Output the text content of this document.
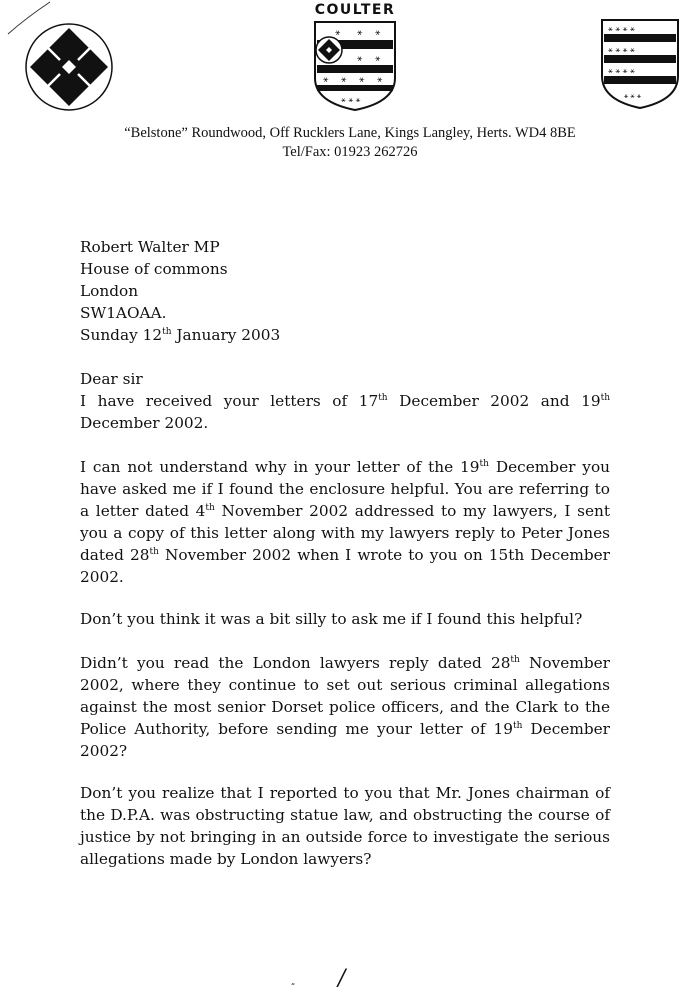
COULTER
⚹ ⚹ ⚹
⚹ ⚹
⚹ ⚹ ⚹ ⚹
⚹ ⚹ ⚹
⚹ ⚹ ⚹ ⚹
⚹ ⚹ ⚹ ⚹
⚹ ⚹ ⚹ ⚹
⚹ ⚹ ⚹
“Belstone” Roundwood, Off Rucklers Lane, Kings Langley, Herts. WD4 8BE
Tel/Fax: 01923 262726
Robert Walter MP
House of commons
London
SW1AOAA.
Sunday 12th January 2003
Dear sir
I have received your letters of 17th December 2002 and 19th December 2002.
I can not understand why in your letter of the 19th December you have asked me if I found the enclosure helpful. You are referring to a letter dated 4th November 2002 addressed to my lawyers, I sent you a copy of this letter along with my lawyers reply to Peter Jones dated 28th November 2002 when I wrote to you on 15th December 2002.
Don’t you think it was a bit silly to ask me if I found this helpful?
Didn’t you read the London lawyers reply dated 28th November 2002, where they continue to set out serious criminal allegations against the most senior Dorset police officers, and the Clark to the Police Authority, before sending me your letter of 19th December 2002?
Don’t you realize that I reported to you that Mr. Jones chairman of the D.P.A. was obstructing statue law, and obstructing the course of justice by not bringing in an outside force to investigate the serious allegations made by London lawyers?
“ /
